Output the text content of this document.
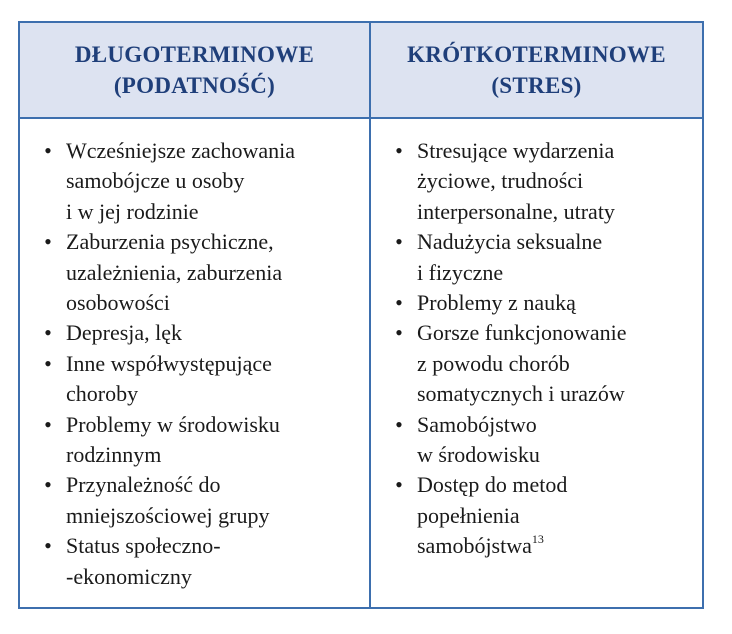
DŁUGOTERMINOWE
(PODATNOŚĆ)
KRÓTKOTERMINOWE
(STRES)
• Wcześniejsze zachowania
samobójcze u osoby
i w jej rodzinie
• Zaburzenia psychiczne,
uzależnienia, zaburzenia
osobowości
• Depresja, lęk
• Inne współwystępujące
choroby
• Problemy w środowisku
rodzinnym
• Przynależność do
mniejszościowej grupy
• Status społeczno-
-ekonomiczny
• Stresujące wydarzenia
życiowe, trudności
interpersonalne, utraty
• Nadużycia seksualne
i fizyczne
• Problemy z nauką
• Gorsze funkcjonowanie
z powodu chorób
somatycznych i urazów
• Samobójstwo
w środowisku
• Dostęp do metod
popełnienia
samobójstwa$^{13}$
